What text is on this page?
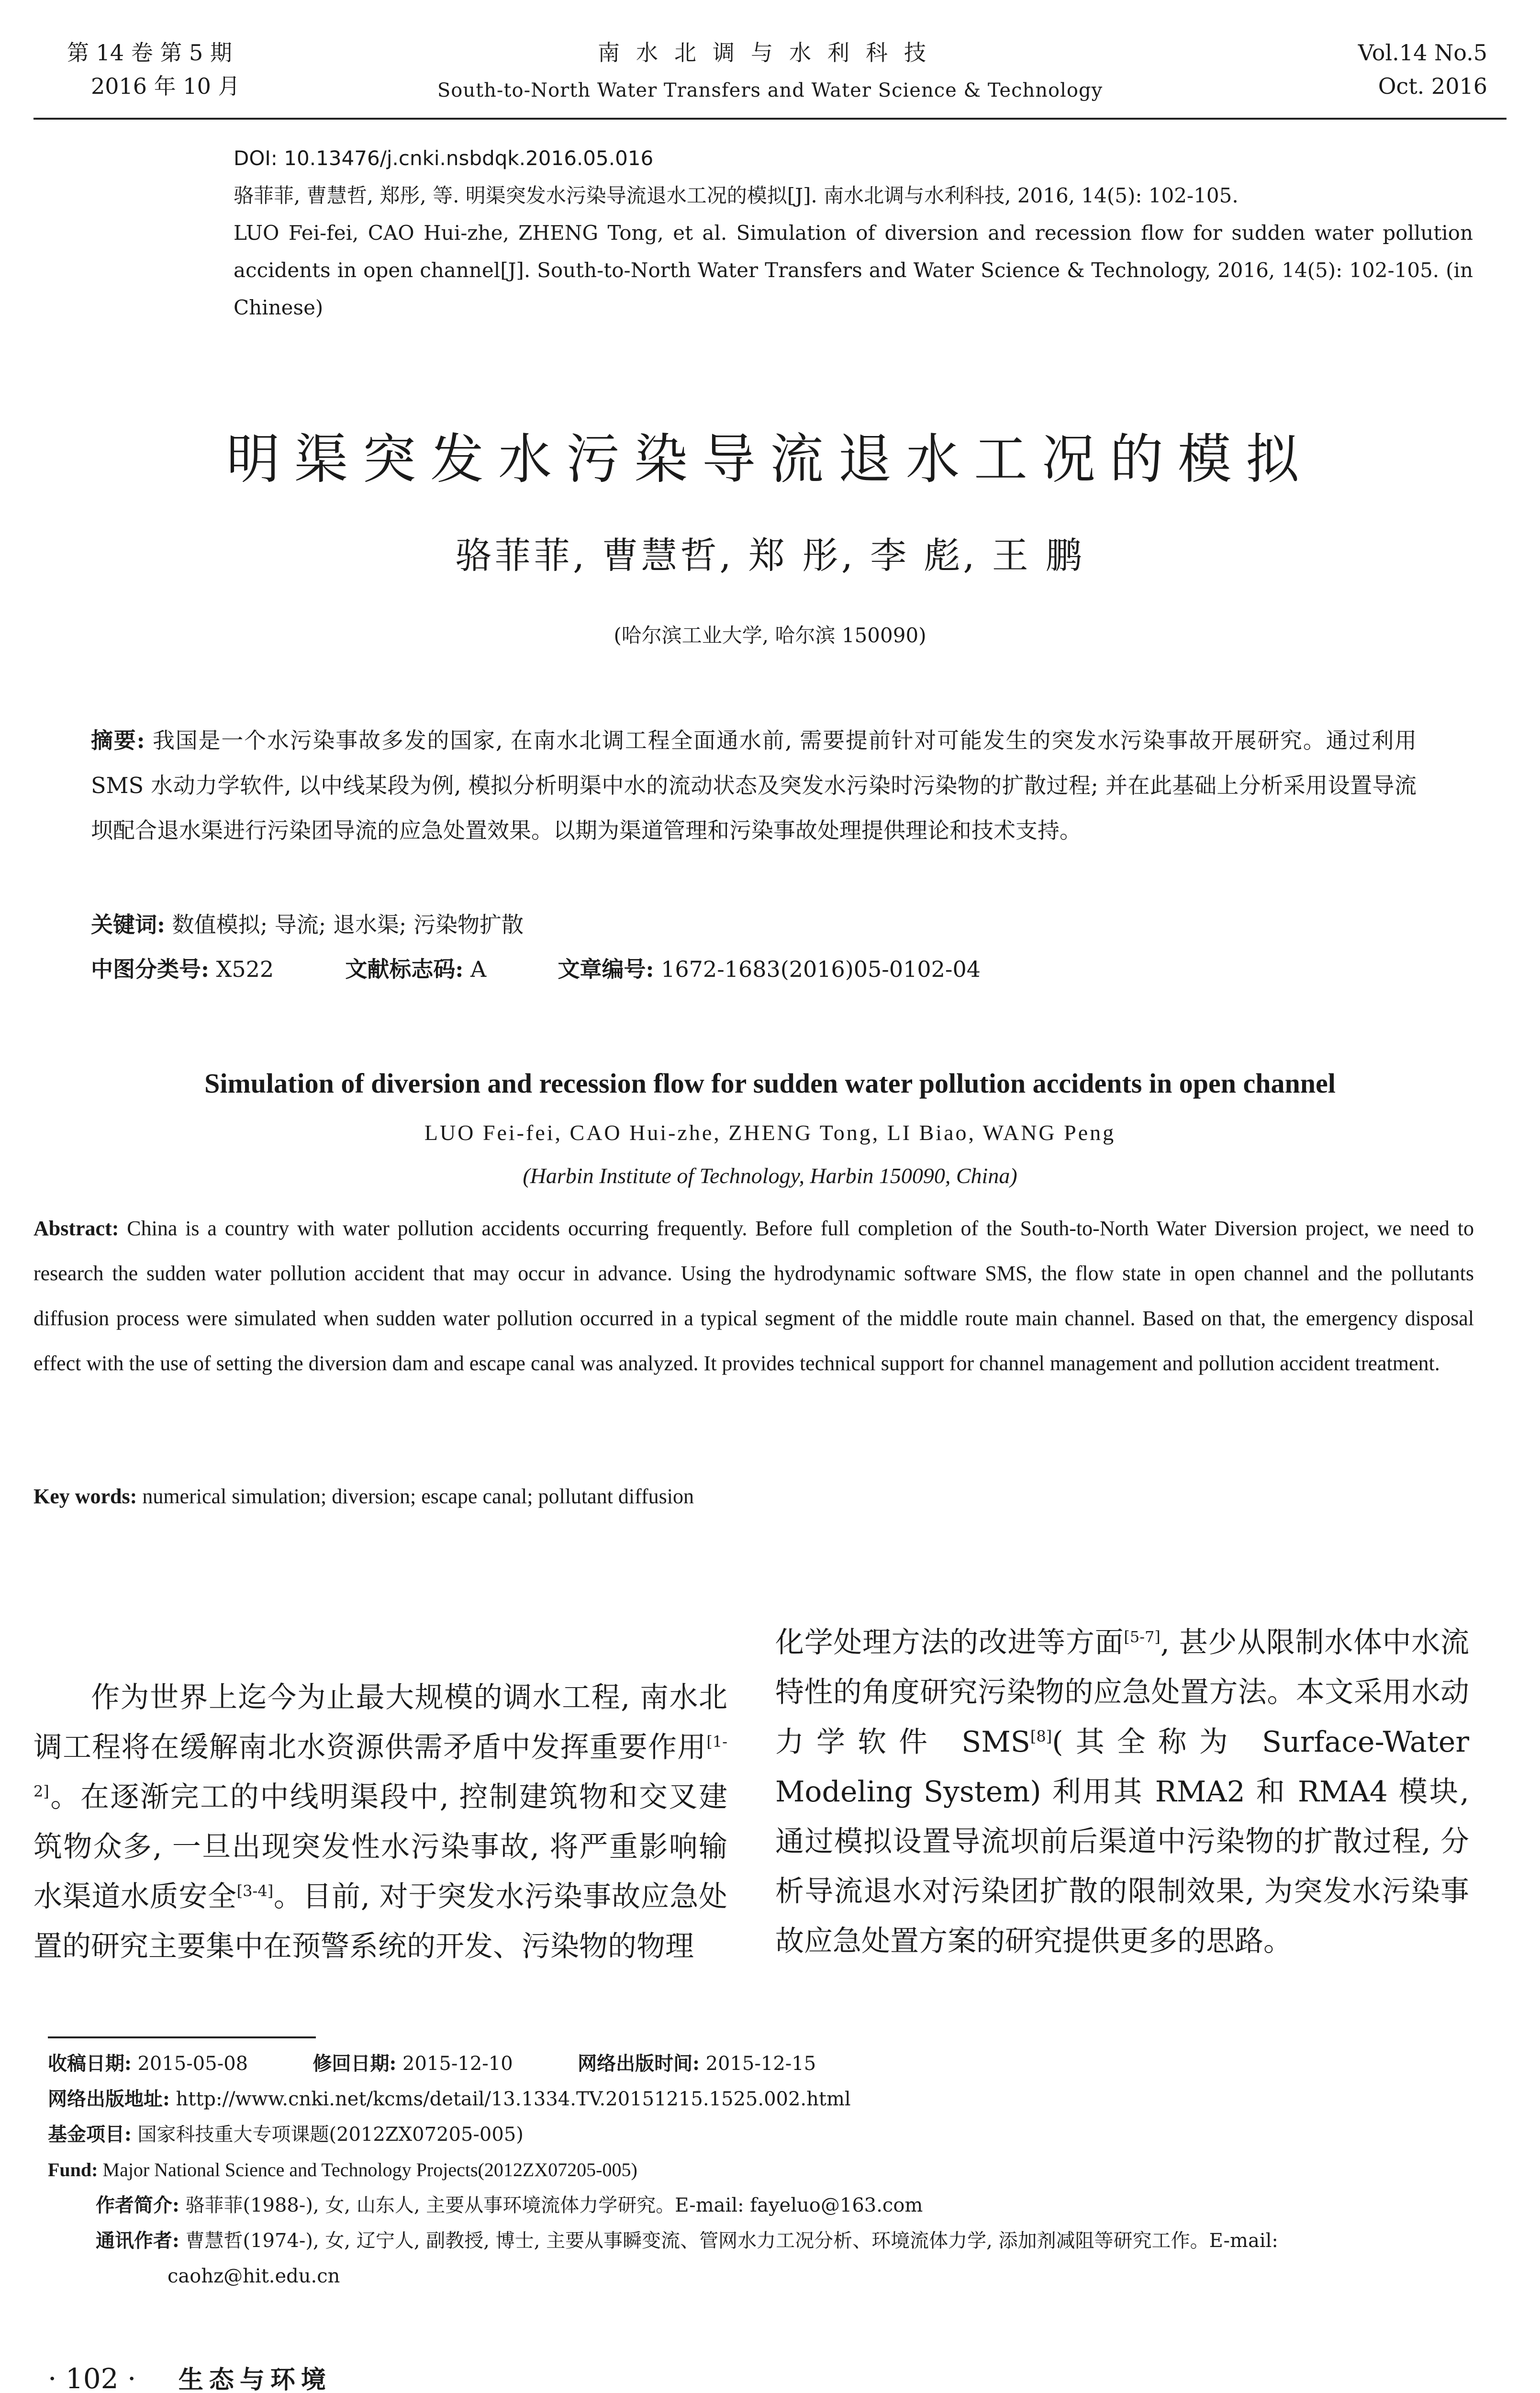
第 14 卷 第 5 期
2016 年 10 月
南水北调与水利科技
South-to-North Water Transfers and Water Science & Technology
Vol.14 No.5
Oct. 2016
DOI: 10.13476/j.cnki.nsbdqk.2016.05.016
骆菲菲, 曹慧哲, 郑彤, 等. 明渠突发水污染导流退水工况的模拟[J]. 南水北调与水利科技, 2016, 14(5): 102-105.
LUO Fei-fei, CAO Hui-zhe, ZHENG Tong, et al. Simulation of diversion and recession flow for sudden water pollution accidents in open channel[J]. South-to-North Water Transfers and Water Science & Technology, 2016, 14(5): 102-105. (in Chinese)
明渠突发水污染导流退水工况的模拟
骆菲菲, 曹慧哲, 郑 彤, 李 彪, 王 鹏
(哈尔滨工业大学, 哈尔滨 150090)
摘要: 我国是一个水污染事故多发的国家, 在南水北调工程全面通水前, 需要提前针对可能发生的突发水污染事故开展研究。通过利用 SMS 水动力学软件, 以中线某段为例, 模拟分析明渠中水的流动状态及突发水污染时污染物的扩散过程; 并在此基础上分析采用设置导流坝配合退水渠进行污染团导流的应急处置效果。以期为渠道管理和污染事故处理提供理论和技术支持。
关键词: 数值模拟; 导流; 退水渠; 污染物扩散
中图分类号: X522	文献标志码: A	文章编号: 1672-1683(2016)05-0102-04
Simulation of diversion and recession flow for sudden water pollution accidents in open channel
LUO Fei-fei, CAO Hui-zhe, ZHENG Tong, LI Biao, WANG Peng
(Harbin Institute of Technology, Harbin 150090, China)
Abstract: China is a country with water pollution accidents occurring frequently. Before full completion of the South-to-North Water Diversion project, we need to research the sudden water pollution accident that may occur in advance. Using the hydrodynamic software SMS, the flow state in open channel and the pollutants diffusion process were simulated when sudden water pollution occurred in a typical segment of the middle route main channel. Based on that, the emergency disposal effect with the use of setting the diversion dam and escape canal was analyzed. It provides technical support for channel management and pollution accident treatment.
Key words: numerical simulation; diversion; escape canal; pollutant diffusion
作为世界上迄今为止最大规模的调水工程, 南水北调工程将在缓解南北水资源供需矛盾中发挥重要作用[1-2]。在逐渐完工的中线明渠段中, 控制建筑物和交叉建筑物众多, 一旦出现突发性水污染事故, 将严重影响输水渠道水质安全[3-4]。目前, 对于突发水污染事故应急处置的研究主要集中在预警系统的开发、污染物的物理
化学处理方法的改进等方面[5-7], 甚少从限制水体中水流特性的角度研究污染物的应急处置方法。本文采用水动力学软件 SMS[8](其全称为 Surface-Water Modeling System) 利用其 RMA2 和 RMA4 模块, 通过模拟设置导流坝前后渠道中污染物的扩散过程, 分析导流退水对污染团扩散的限制效果, 为突发水污染事故应急处置方案的研究提供更多的思路。
收稿日期: 2015-05-08	修回日期: 2015-12-10	网络出版时间: 2015-12-15
网络出版地址: http://www.cnki.net/kcms/detail/13.1334.TV.20151215.1525.002.html
基金项目: 国家科技重大专项课题(2012ZX07205-005)
Fund: Major National Science and Technology Projects(2012ZX07205-005)
作者简介: 骆菲菲(1988-), 女, 山东人, 主要从事环境流体力学研究。E-mail: fayeluo@163.com
通讯作者: 曹慧哲(1974-), 女, 辽宁人, 副教授, 博士, 主要从事瞬变流、管网水力工况分析、环境流体力学, 添加剂减阻等研究工作。E-mail:
caohz@hit.edu.cn
· 102 · 生态与环境
